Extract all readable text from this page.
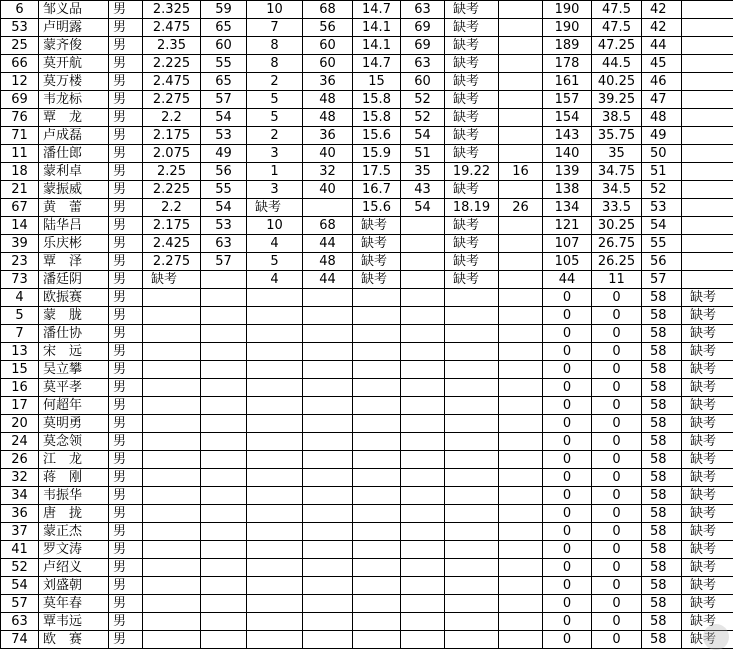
6	邹义品	男	2.325	59	10	68	14.7	63	缺考		190	47.5	42	
53	卢明露	男	2.475	65	7	56	14.1	69	缺考		190	47.5	42	
25	蒙齐俊	男	2.35	60	8	60	14.1	69	缺考		189	47.25	44	
66	莫开航	男	2.225	55	8	60	14.7	63	缺考		178	44.5	45	
12	莫万楼	男	2.475	65	2	36	15	60	缺考		161	40.25	46	
69	韦龙标	男	2.275	57	5	48	15.8	52	缺考		157	39.25	47	
76	覃　龙	男	2.2	54	5	48	15.8	52	缺考		154	38.5	48	
71	卢成磊	男	2.175	53	2	36	15.6	54	缺考		143	35.75	49	
11	潘仕郎	男	2.075	49	3	40	15.9	51	缺考		140	35	50	
18	蒙利卓	男	2.25	56	1	32	17.5	35	19.22	16	139	34.75	51	
21	蒙振威	男	2.225	55	3	40	16.7	43	缺考		138	34.5	52	
67	黄　蕾	男	2.2	54	缺考		15.6	54	18.19	26	134	33.5	53	
14	陆华吕	男	2.175	53	10	68	缺考		缺考		121	30.25	54	
39	乐庆彬	男	2.425	63	4	44	缺考		缺考		107	26.75	55	
23	覃　泽	男	2.275	57	5	48	缺考		缺考		105	26.25	56	
73	潘廷阴	男	缺考		4	44	缺考		缺考		44	11	57	
4	欧振赛	男									0	0	58	缺考
5	蒙　胧	男									0	0	58	缺考
7	潘仕协	男									0	0	58	缺考
13	宋　远	男									0	0	58	缺考
15	吴立攀	男									0	0	58	缺考
16	莫平孝	男									0	0	58	缺考
17	何超年	男									0	0	58	缺考
20	莫明勇	男									0	0	58	缺考
24	莫念领	男									0	0	58	缺考
26	江　龙	男									0	0	58	缺考
32	蒋　刚	男									0	0	58	缺考
34	韦振华	男									0	0	58	缺考
36	唐　拢	男									0	0	58	缺考
37	蒙正杰	男									0	0	58	缺考
41	罗文涛	男									0	0	58	缺考
52	卢绍义	男									0	0	58	缺考
54	刘盛朝	男									0	0	58	缺考
57	莫年春	男									0	0	58	缺考
63	覃韦远	男									0	0	58	缺考
74	欧　赛	男									0	0	58	缺考
